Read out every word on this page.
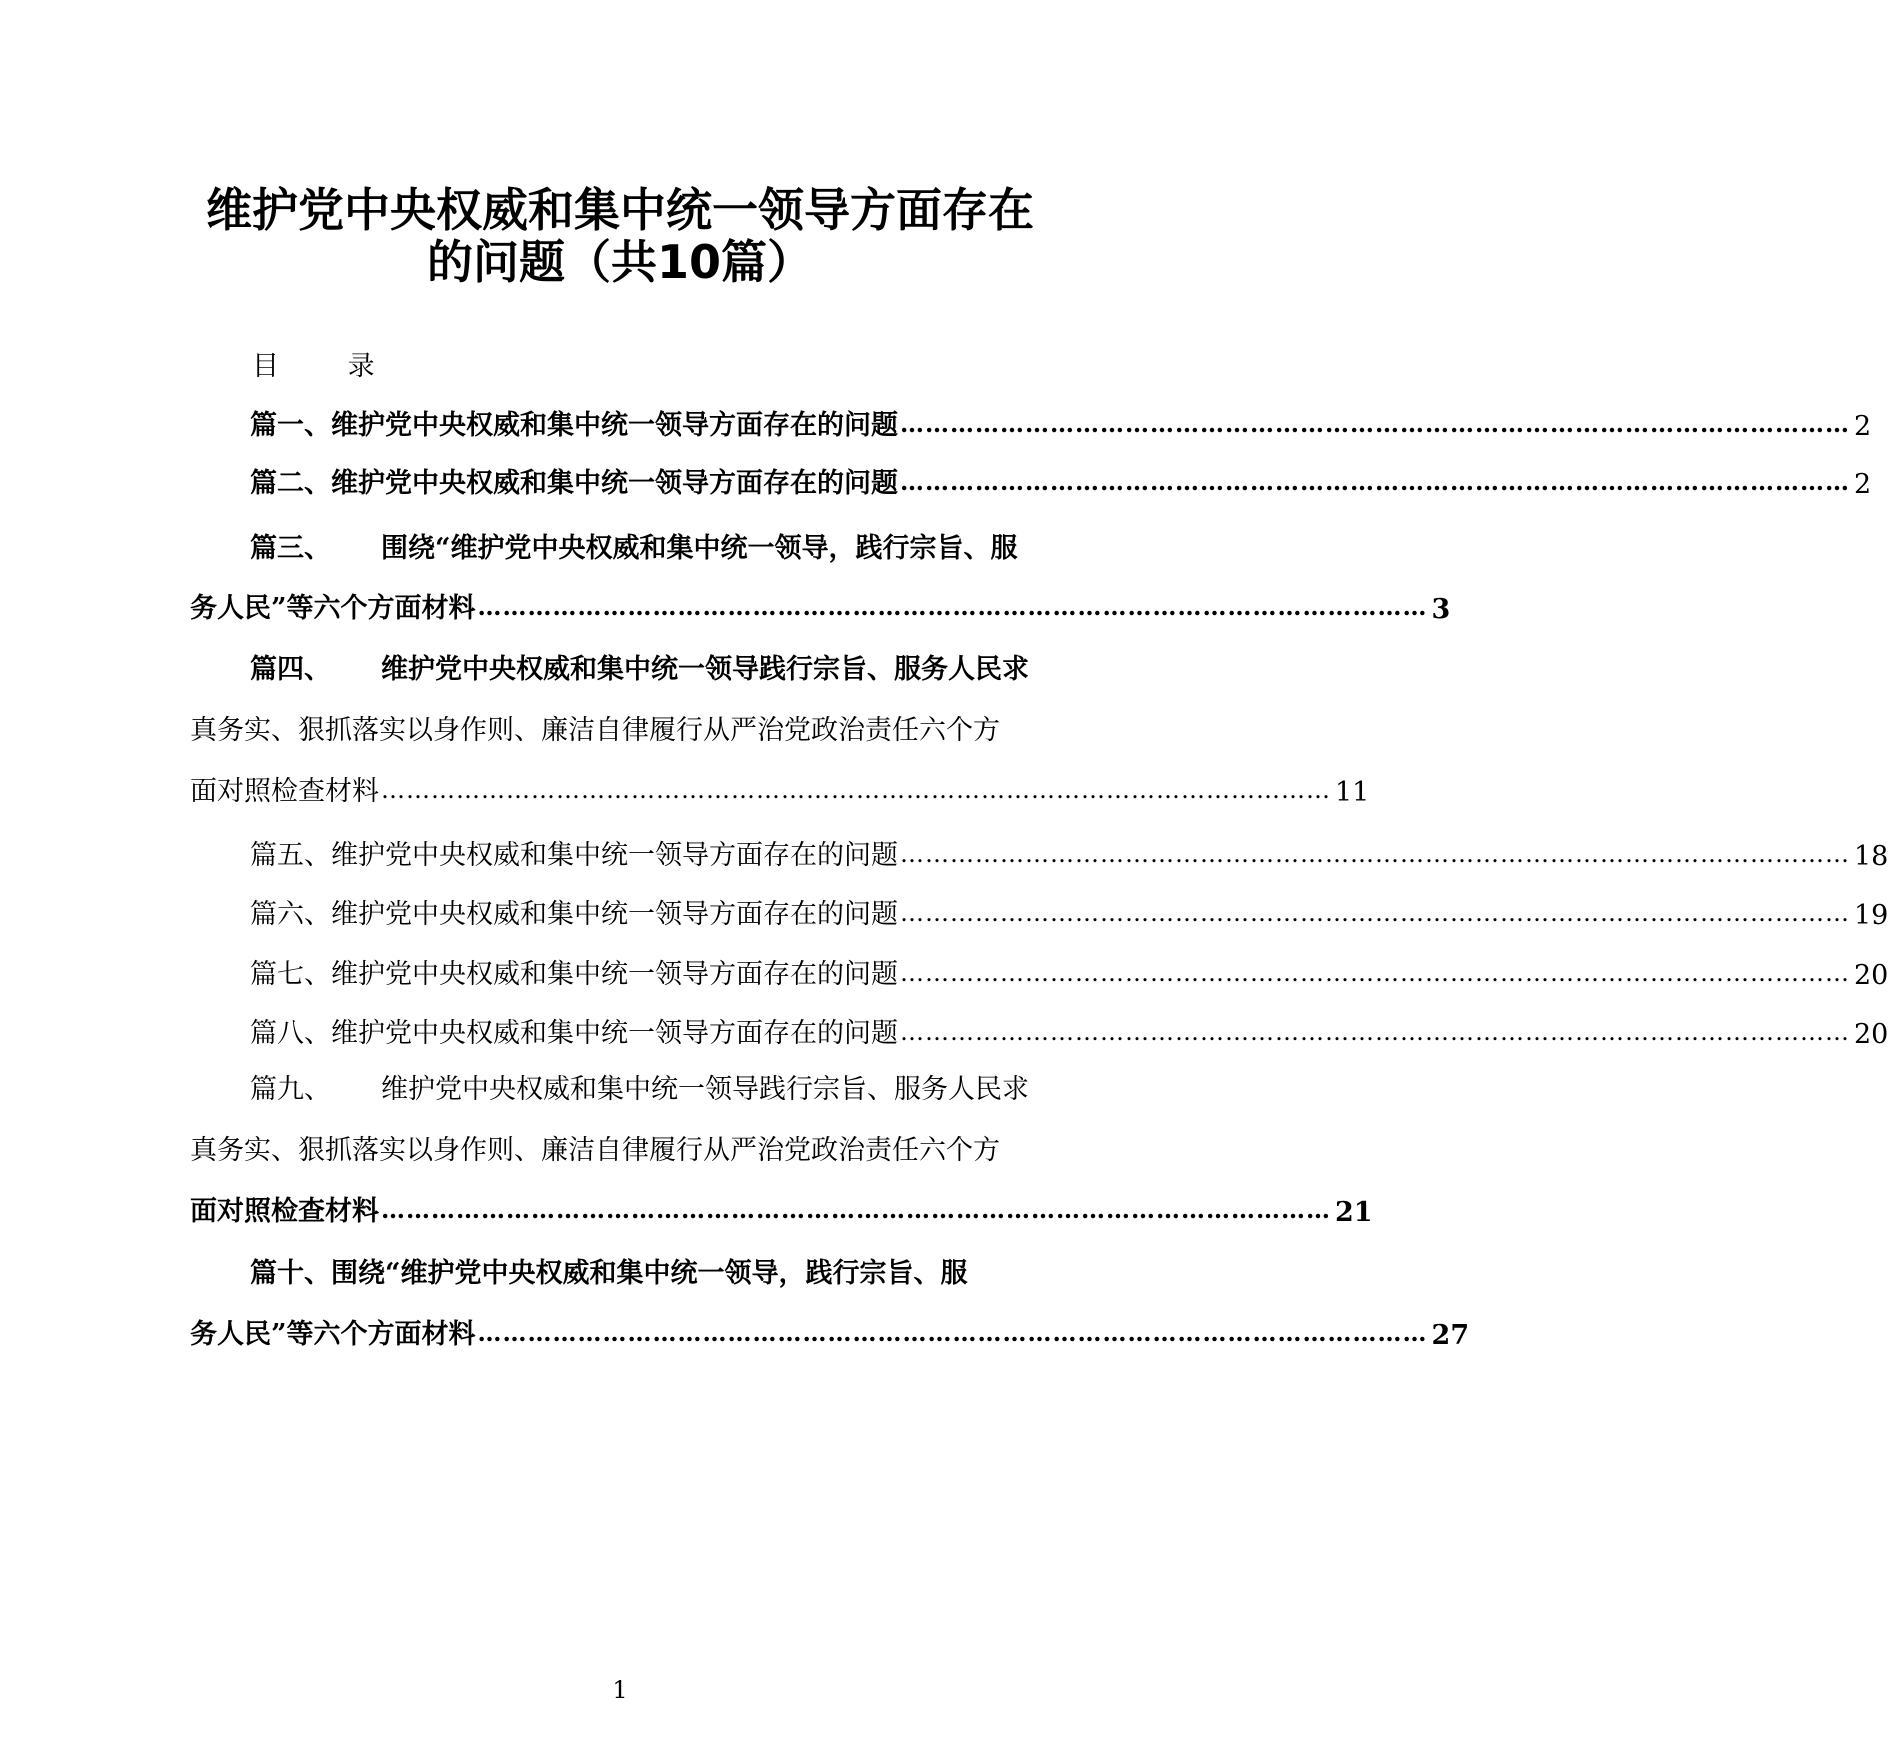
维护党中央权威和集中统一领导方面存在
的问题（共10篇）
目 录
篇一、 维护党中央权威和集中统一领导方面存在的问题 …………………………………………………………………………………………………… 2
篇二、 维护党中央权威和集中统一领导方面存在的问题 …………………………………………………………………………………………………… 2
篇三、 围绕“维护党中央权威和集中统一领导，践行宗旨、服
务人民”等六个方面材料 …………………………………………………………………………………………………… 3
篇四、 维护党中央权威和集中统一领导践行宗旨、服务人民求
真务实、狠抓落实以身作则、廉洁自律履行从严治党政治责任六个方
面对照检查材料 …………………………………………………………………………………………………… 11
篇五、 维护党中央权威和集中统一领导方面存在的问题 …………………………………………………………………………………………………… 18
篇六、 维护党中央权威和集中统一领导方面存在的问题 …………………………………………………………………………………………………… 19
篇七、 维护党中央权威和集中统一领导方面存在的问题 …………………………………………………………………………………………………… 20
篇八、 维护党中央权威和集中统一领导方面存在的问题 …………………………………………………………………………………………………… 20
篇九、 维护党中央权威和集中统一领导践行宗旨、服务人民求
真务实、狠抓落实以身作则、廉洁自律履行从严治党政治责任六个方
面对照检查材料 …………………………………………………………………………………………………… 21
篇十、 围绕“维护党中央权威和集中统一领导，践行宗旨、服
务人民”等六个方面材料 …………………………………………………………………………………………………… 27
1
